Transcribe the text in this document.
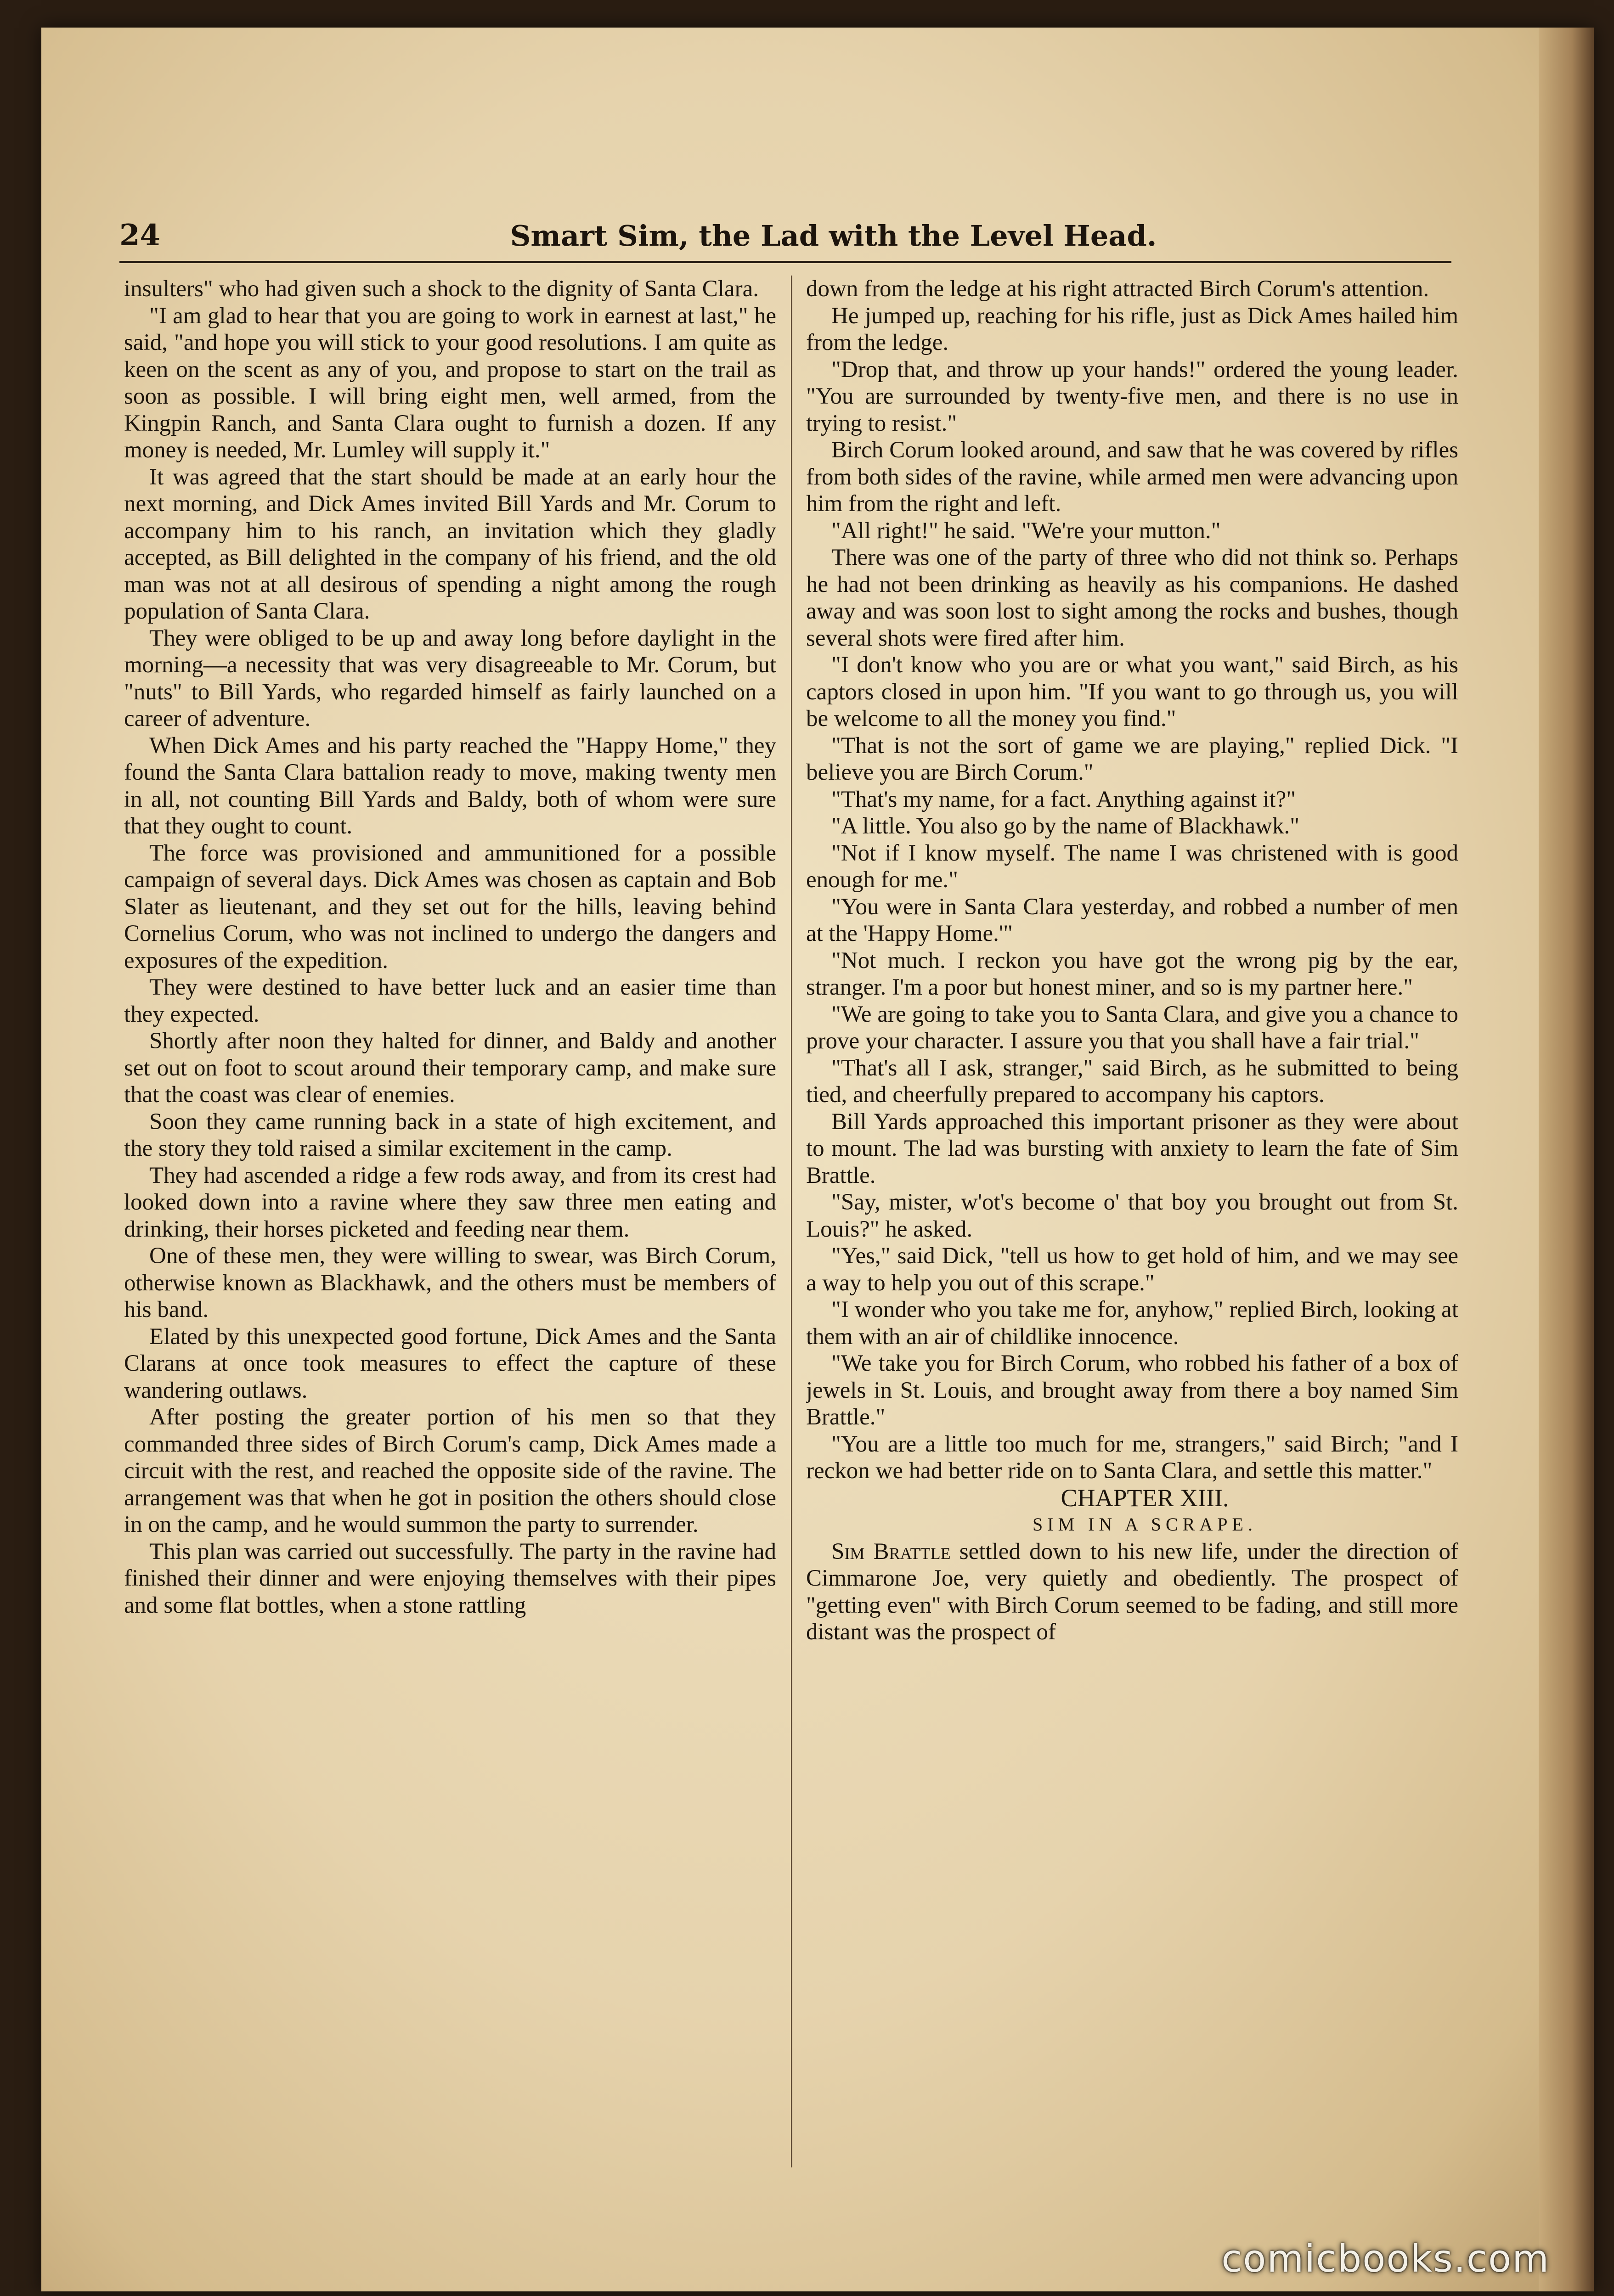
24	Smart Sim, the Lad with the Level Head.

insulters" who had given such a shock to the dignity of Santa Clara.

"I am glad to hear that you are going to work in earnest at last," he said, "and hope you will stick to your good resolutions. I am quite as keen on the scent as any of you, and propose to start on the trail as soon as possible. I will bring eight men, well armed, from the Kingpin Ranch, and Santa Clara ought to furnish a dozen. If any money is needed, Mr. Lumley will supply it."

It was agreed that the start should be made at an early hour the next morning, and Dick Ames invited Bill Yards and Mr. Corum to accompany him to his ranch, an invitation which they gladly accepted, as Bill delighted in the company of his friend, and the old man was not at all desirous of spending a night among the rough population of Santa Clara.

They were obliged to be up and away long before daylight in the morning—a necessity that was very disagreeable to Mr. Corum, but "nuts" to Bill Yards, who regarded himself as fairly launched on a career of adventure.

When Dick Ames and his party reached the "Happy Home," they found the Santa Clara battalion ready to move, making twenty men in all, not counting Bill Yards and Baldy, both of whom were sure that they ought to count.

The force was provisioned and ammunitioned for a possible campaign of several days. Dick Ames was chosen as captain and Bob Slater as lieutenant, and they set out for the hills, leaving behind Cornelius Corum, who was not inclined to undergo the dangers and exposures of the expedition.

They were destined to have better luck and an easier time than they expected.

Shortly after noon they halted for dinner, and Baldy and another set out on foot to scout around their temporary camp, and make sure that the coast was clear of enemies.

Soon they came running back in a state of high excitement, and the story they told raised a similar excitement in the camp.

They had ascended a ridge a few rods away, and from its crest had looked down into a ravine where they saw three men eating and drinking, their horses picketed and feeding near them.

One of these men, they were willing to swear, was Birch Corum, otherwise known as Blackhawk, and the others must be members of his band.

Elated by this unexpected good fortune, Dick Ames and the Santa Clarans at once took measures to effect the capture of these wandering outlaws.

After posting the greater portion of his men so that they commanded three sides of Birch Corum's camp, Dick Ames made a circuit with the rest, and reached the opposite side of the ravine. The arrangement was that when he got in position the others should close in on the camp, and he would summon the party to surrender.

This plan was carried out successfully. The party in the ravine had finished their dinner and were enjoying themselves with their pipes and some flat bottles, when a stone rattling

down from the ledge at his right attracted Birch Corum's attention.

He jumped up, reaching for his rifle, just as Dick Ames hailed him from the ledge.

"Drop that, and throw up your hands!" ordered the young leader. "You are surrounded by twenty-five men, and there is no use in trying to resist."

Birch Corum looked around, and saw that he was covered by rifles from both sides of the ravine, while armed men were advancing upon him from the right and left.

"All right!" he said. "We're your mutton."

There was one of the party of three who did not think so. Perhaps he had not been drinking as heavily as his companions. He dashed away and was soon lost to sight among the rocks and bushes, though several shots were fired after him.

"I don't know who you are or what you want," said Birch, as his captors closed in upon him. "If you want to go through us, you will be welcome to all the money you find."

"That is not the sort of game we are playing," replied Dick. "I believe you are Birch Corum."

"That's my name, for a fact. Anything against it?"

"A little. You also go by the name of Blackhawk."

"Not if I know myself. The name I was christened with is good enough for me."

"You were in Santa Clara yesterday, and robbed a number of men at the 'Happy Home.'"

"Not much. I reckon you have got the wrong pig by the ear, stranger. I'm a poor but honest miner, and so is my partner here."

"We are going to take you to Santa Clara, and give you a chance to prove your character. I assure you that you shall have a fair trial."

"That's all I ask, stranger," said Birch, as he submitted to being tied, and cheerfully prepared to accompany his captors.

Bill Yards approached this important prisoner as they were about to mount. The lad was bursting with anxiety to learn the fate of Sim Brattle.

"Say, mister, w'ot's become o' that boy you brought out from St. Louis?" he asked.

"Yes," said Dick, "tell us how to get hold of him, and we may see a way to help you out of this scrape."

"I wonder who you take me for, anyhow," replied Birch, looking at them with an air of childlike innocence.

"We take you for Birch Corum, who robbed his father of a box of jewels in St. Louis, and brought away from there a boy named Sim Brattle."

"You are a little too much for me, strangers," said Birch; "and I reckon we had better ride on to Santa Clara, and settle this matter."

CHAPTER XIII.

SIM IN A SCRAPE.

Sim Brattle settled down to his new life, under the direction of Cimmarone Joe, very quietly and obediently. The prospect of "getting even" with Birch Corum seemed to be fading, and still more distant was the prospect of

comicbooks.com
